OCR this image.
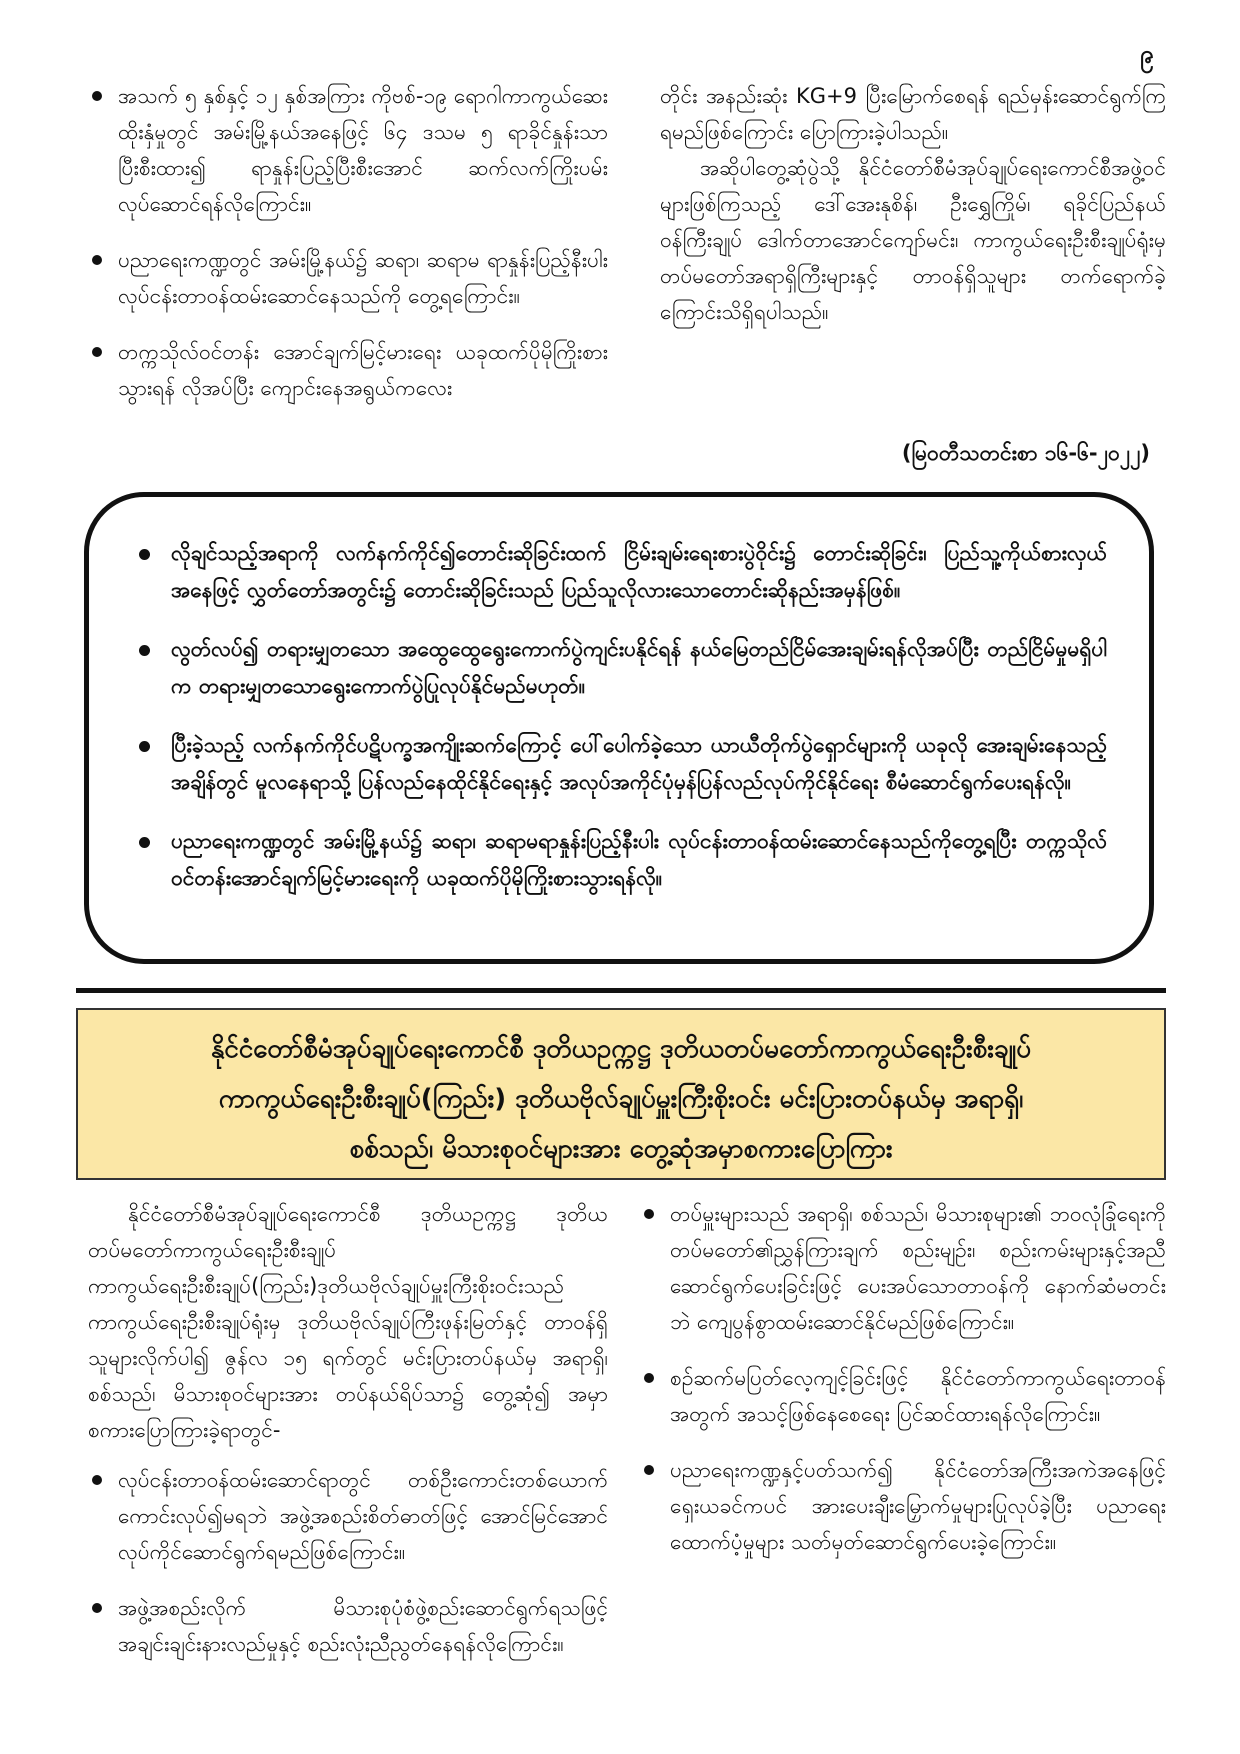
၉
အသက် ၅ နှစ်နှင့် ၁၂ နှစ်အကြား ကိုဗစ်-၁၉ ရောဂါကာကွယ်ဆေးထိုးနှံမှုတွင် အမ်းမြို့နယ်အနေဖြင့် ၆၄ ဒသမ ၅ ရာခိုင်နှုန်းသာ ပြီးစီးထား၍ ရာနှုန်းပြည့်ပြီးစီးအောင် ဆက်လက်ကြိုးပမ်းလုပ်ဆောင်ရန်လိုကြောင်း။
ပညာရေးကဏ္ဍတွင် အမ်းမြို့နယ်၌ ဆရာ၊ ဆရာမ ရာနှုန်းပြည့်နီးပါး လုပ်ငန်းတာဝန်ထမ်းဆောင်နေသည်ကို တွေ့ရကြောင်း။
တက္ကသိုလ်ဝင်တန်း အောင်ချက်မြင့်မားရေး ယခုထက်ပိုမိုကြိုးစားသွားရန် လိုအပ်ပြီး ကျောင်းနေအရွယ်ကလေး

တိုင်း အနည်းဆုံး KG+9 ပြီးမြောက်စေရန် ရည်မှန်းဆောင်ရွက်ကြရမည်ဖြစ်ကြောင်း ပြောကြားခဲ့ပါသည်။

အဆိုပါတွေ့ဆုံပွဲသို့ နိုင်ငံတော်စီမံအုပ်ချုပ်ရေးကောင်စီအဖွဲ့ဝင်များဖြစ်ကြသည့် ဒေါ်အေးနုစိန်၊ ဦးရွှေကြိုမ်၊ ရခိုင်ပြည်နယ်ဝန်ကြီးချုပ် ဒေါက်တာအောင်ကျော်မင်း၊ ကာကွယ်ရေးဦးစီးချုပ်ရုံးမှ တပ်မတော်အရာရှိကြီးများနှင့် တာဝန်ရှိသူများ တက်ရောက်ခဲ့ကြောင်းသိရှိရပါသည်။

(မြဝတီသတင်းစာ ၁၆-၆-၂၀၂၂)
လိုချင်သည့်အရာကို လက်နက်ကိုင်၍တောင်းဆိုခြင်းထက် ငြိမ်းချမ်းရေးစားပွဲဝိုင်း၌ တောင်းဆိုခြင်း၊ ပြည်သူ့ကိုယ်စားလှယ်အနေဖြင့် လွှတ်တော်အတွင်း၌ တောင်းဆိုခြင်းသည် ပြည်သူလိုလားသောတောင်းဆိုနည်းအမှန်ဖြစ်။
လွတ်လပ်၍ တရားမျှတသော အထွေထွေရွေးကောက်ပွဲကျင်းပနိုင်ရန် နယ်မြေတည်ငြိမ်အေးချမ်းရန်လိုအပ်ပြီး တည်ငြိမ်မှုမရှိပါက တရားမျှတသောရွေးကောက်ပွဲပြုလုပ်နိုင်မည်မဟုတ်။
ပြီးခဲ့သည့် လက်နက်ကိုင်ပဋိပက္ခအကျိုးဆက်ကြောင့် ပေါ်ပေါက်ခဲ့သော ယာယီတိုက်ပွဲရှောင်များကို ယခုလို အေးချမ်းနေသည့်အချိန်တွင် မူလနေရာသို့ ပြန်လည်နေထိုင်နိုင်ရေးနှင့် အလုပ်အကိုင်ပုံမှန်ပြန်လည်လုပ်ကိုင်နိုင်ရေး စီမံဆောင်ရွက်ပေးရန်လို။
ပညာရေးကဏ္ဍတွင် အမ်းမြို့နယ်၌ ဆရာ၊ ဆရာမရာနှုန်းပြည့်နီးပါး လုပ်ငန်းတာဝန်ထမ်းဆောင်နေသည်ကိုတွေ့ရပြီး တက္ကသိုလ်ဝင်တန်းအောင်ချက်မြင့်မားရေးကို ယခုထက်ပိုမိုကြိုးစားသွားရန်လို။
နိုင်ငံတော်စီမံအုပ်ချုပ်ရေးကောင်စီ ဒုတိယဥက္ကဋ္ဌ ဒုတိယတပ်မတော်ကာကွယ်ရေးဦးစီးချုပ်
ကာကွယ်ရေးဦးစီးချုပ်(ကြည်း) ဒုတိယဗိုလ်ချုပ်မှူးကြီးစိုးဝင်း မင်းပြားတပ်နယ်မှ အရာရှိ၊
စစ်သည်၊ မိသားစုဝင်များအား တွေ့ဆုံအမှာစကားပြောကြား

နိုင်ငံတော်စီမံအုပ်ချုပ်ရေးကောင်စီ ဒုတိယဥက္ကဋ္ဌ ဒုတိယတပ်မတော်ကာကွယ်ရေးဦးစီးချုပ် ကာကွယ်ရေးဦးစီးချုပ်(ကြည်း)ဒုတိယဗိုလ်ချုပ်မှူးကြီးစိုးဝင်းသည် ကာကွယ်ရေးဦးစီးချုပ်ရုံးမှ ဒုတိယဗိုလ်ချုပ်ကြီးဖုန်းမြတ်နှင့် တာဝန်ရှိသူများလိုက်ပါ၍ ဇွန်လ ၁၅ ရက်တွင် မင်းပြားတပ်နယ်မှ အရာရှိ၊ စစ်သည်၊ မိသားစုဝင်များအား တပ်နယ်ရိပ်သာ၌ တွေ့ဆုံ၍ အမှာစကားပြောကြားခဲ့ရာတွင်-

လုပ်ငန်းတာဝန်ထမ်းဆောင်ရာတွင် တစ်ဦးကောင်းတစ်ယောက်ကောင်းလုပ်၍မရဘဲ အဖွဲ့အစည်းစိတ်ဓာတ်ဖြင့် အောင်မြင်အောင် လုပ်ကိုင်ဆောင်ရွက်ရမည်ဖြစ်ကြောင်း။
အဖွဲ့အစည်းလိုက် မိသားစုပုံစံဖွဲ့စည်းဆောင်ရွက်ရသဖြင့် အချင်းချင်းနားလည်မှုနှင့် စည်းလုံးညီညွတ်နေရန်လိုကြောင်း။
တပ်မှူးများသည် အရာရှိ၊ စစ်သည်၊ မိသားစုများ၏ ဘဝလုံခြုံရေးကို တပ်မတော်၏ညွှန်ကြားချက် စည်းမျဉ်း၊ စည်းကမ်းများနှင့်အညီ ဆောင်ရွက်ပေးခြင်းဖြင့် ပေးအပ်သောတာဝန်ကို နောက်ဆံမတင်းဘဲ ကျေပွန်စွာထမ်းဆောင်နိုင်မည်ဖြစ်ကြောင်း။
စဉ်ဆက်မပြတ်လေ့ကျင့်ခြင်းဖြင့် နိုင်ငံတော်ကာကွယ်ရေးတာဝန်အတွက် အသင့်ဖြစ်နေစေရေး ပြင်ဆင်ထားရန်လိုကြောင်း။
ပညာရေးကဏ္ဍနှင့်ပတ်သက်၍ နိုင်ငံတော်အကြီးအကဲအနေဖြင့် ရှေးယခင်ကပင် အားပေးချီးမြှောက်မှုများပြုလုပ်ခဲ့ပြီး ပညာရေးထောက်ပံ့မှုများ သတ်မှတ်ဆောင်ရွက်ပေးခဲ့ကြောင်း။
